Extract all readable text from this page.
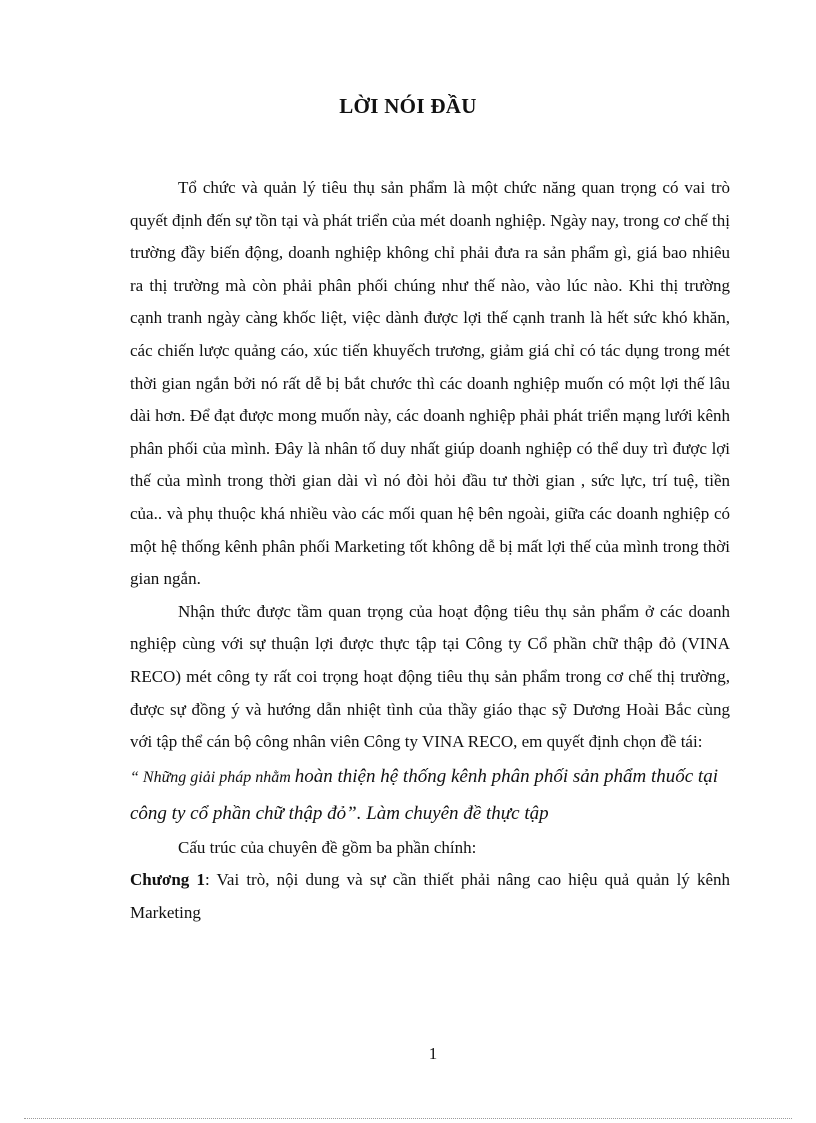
LỜI NÓI ĐẦU

Tổ chức và quản lý tiêu thụ sản phẩm là một chức năng quan trọng có vai trò quyết định đến sự tồn tại và phát triển của mét doanh nghiệp. Ngày nay, trong cơ chế thị trường đầy biến động, doanh nghiệp không chỉ phải đưa ra sản phẩm gì, giá bao nhiêu ra thị trường mà còn phải phân phối chúng như thế nào, vào lúc nào. Khi thị trường cạnh tranh ngày càng khốc liệt, việc dành được lợi thế cạnh tranh là hết sức khó khăn, các chiến lược quảng cáo, xúc tiến khuyếch trương, giảm giá chỉ có tác dụng trong mét thời gian ngắn bởi nó rất dễ bị bắt chước thì các doanh nghiệp muốn có một lợi thế lâu dài hơn. Để đạt được mong muốn này, các doanh nghiệp phải phát triển mạng lưới kênh phân phối của mình. Đây là nhân tố duy nhất giúp doanh nghiệp có thể duy trì được lợi thế của mình trong thời gian dài vì nó đòi hỏi đầu tư thời gian , sức lực, trí tuệ, tiền của.. và phụ thuộc khá nhiều vào các mối quan hệ bên ngoài, giữa các doanh nghiệp có một hệ thống kênh phân phối Marketing tốt không dễ bị mất lợi thế của mình trong thời gian ngắn.

Nhận thức được tầm quan trọng của hoạt động tiêu thụ sản phẩm ở các doanh nghiệp cùng với sự thuận lợi được thực tập tại Công ty Cổ phần chữ thập đỏ (VINA RECO) mét công ty rất coi trọng hoạt động tiêu thụ sản phẩm trong cơ chế thị trường, được sự đồng ý và hướng dẫn nhiệt tình của thầy giáo thạc sỹ Dương Hoài Bắc cùng với tập thể cán bộ công nhân viên Công ty VINA RECO, em quyết định chọn đề tái:

“ Những giải pháp nhằm hoàn thiện hệ thống kênh phân phối sản phẩm thuốc tại công ty cổ phần chữ thập đỏ”. Làm chuyên đề thực tập

Cấu trúc của chuyên đề gồm ba phần chính:

Chương 1: Vai trò, nội dung và sự cần thiết phải nâng cao hiệu quả quản lý kênh Marketing

1
